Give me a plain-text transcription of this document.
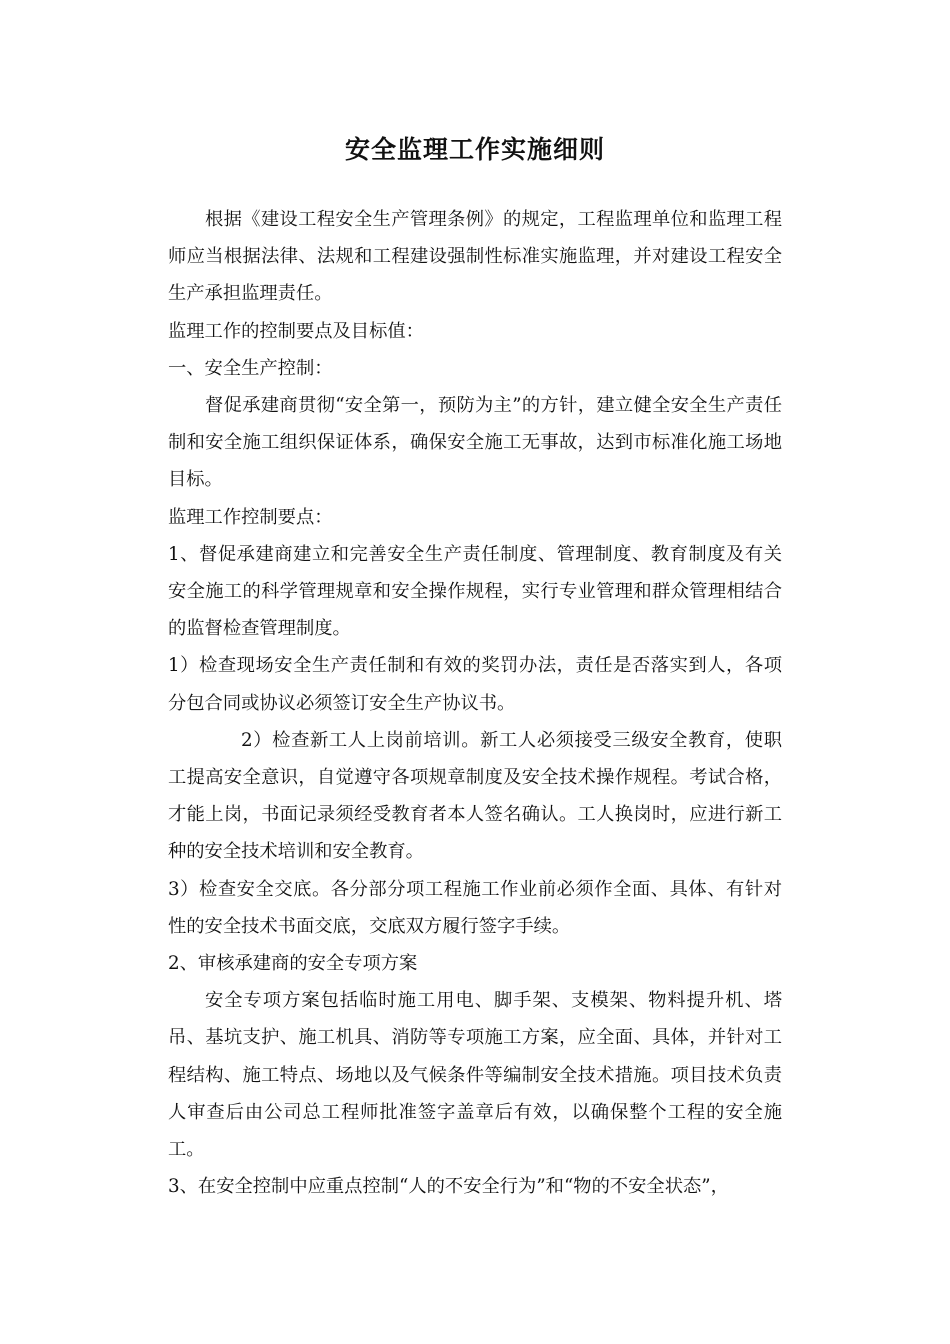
安全监理工作实施细则

根据《建设工程安全生产管理条例》的规定，工程监理单位和监理工程师应当根据法律、法规和工程建设强制性标准实施监理，并对建设工程安全生产承担监理责任。

监理工作的控制要点及目标值：

一、安全生产控制：

督促承建商贯彻“安全第一，预防为主”的方针，建立健全安全生产责任制和安全施工组织保证体系，确保安全施工无事故，达到市标准化施工场地目标。

监理工作控制要点：

1、督促承建商建立和完善安全生产责任制度、管理制度、教育制度及有关安全施工的科学管理规章和安全操作规程，实行专业管理和群众管理相结合的监督检查管理制度。

1）检查现场安全生产责任制和有效的奖罚办法，责任是否落实到人，各项分包合同或协议必须签订安全生产协议书。

2）检查新工人上岗前培训。新工人必须接受三级安全教育，使职工提高安全意识，自觉遵守各项规章制度及安全技术操作规程。考试合格，才能上岗，书面记录须经受教育者本人签名确认。工人换岗时，应进行新工种的安全技术培训和安全教育。

3）检查安全交底。各分部分项工程施工作业前必须作全面、具体、有针对性的安全技术书面交底，交底双方履行签字手续。

2、审核承建商的安全专项方案

安全专项方案包括临时施工用电、脚手架、支模架、物料提升机、塔吊、基坑支护、施工机具、消防等专项施工方案，应全面、具体，并针对工程结构、施工特点、场地以及气候条件等编制安全技术措施。项目技术负责人审查后由公司总工程师批准签字盖章后有效，以确保整个工程的安全施工。

3、在安全控制中应重点控制“人的不安全行为”和“物的不安全状态”，
